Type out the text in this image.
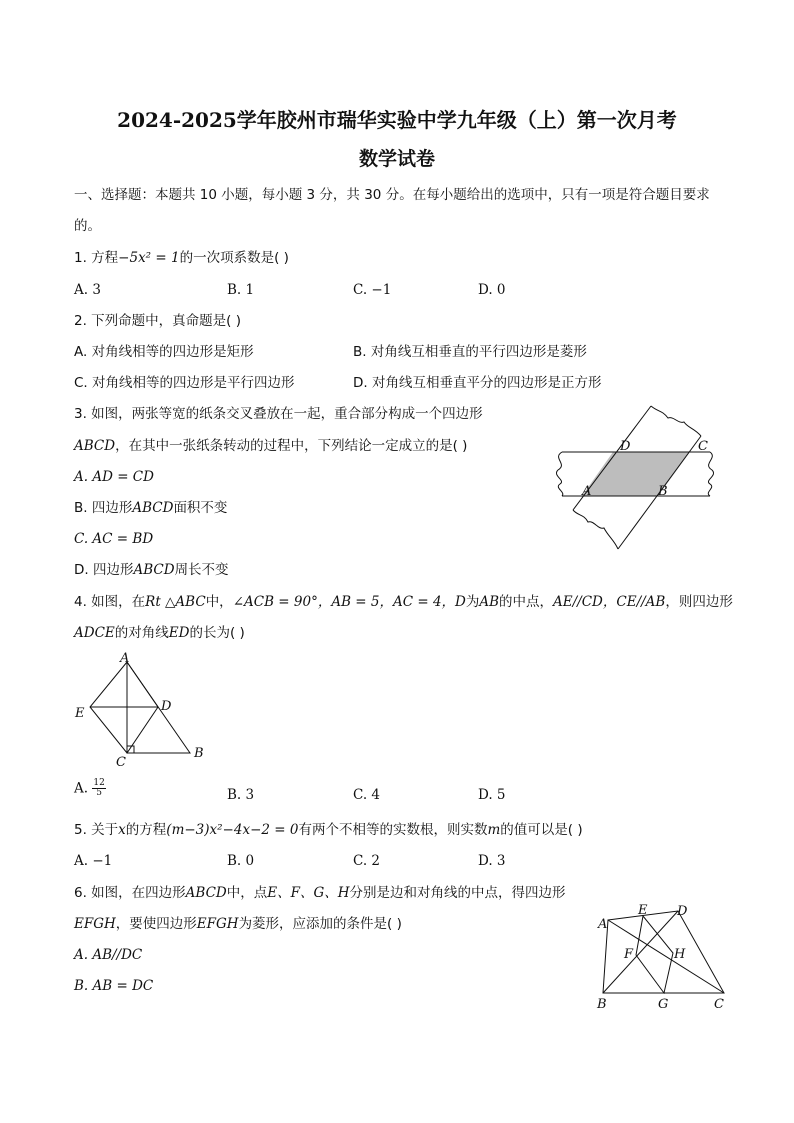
2024-2025学年胶州市瑞华实验中学九年级（上）第一次月考
数学试卷
一、选择题：本题共 10 小题，每小题 3 分，共 30 分。在每小题给出的选项中，只有一项是符合题目要求
的。
1. 方程−5x² = 1的一次项系数是( )
A. 3	B. 1	C. −1	D. 0
2. 下列命题中，真命题是( )
A. 对角线相等的四边形是矩形	B. 对角线互相垂直的平行四边形是菱形
C. 对角线相等的四边形是平行四边形	D. 对角线互相垂直平分的四边形是正方形
3. 如图，两张等宽的纸条交叉叠放在一起，重合部分构成一个四边形
ABCD，在其中一张纸条转动的过程中，下列结论一定成立的是( )
A. AD = CD
B. 四边形ABCD面积不变
C. AC = BD
D. 四边形ABCD周长不变
D	C
A	B
4. 如图，在Rt △ABC中，∠ACB = 90°，AB = 5，AC = 4，D为AB的中点，AE//CD，CE//AB，则四边形
ADCE的对角线ED的长为( )
A
B
C
D
E
A. $\frac{12}{5}$	B. 3	C. 4	D. 5
5. 关于x的方程(m−3)x²−4x−2 = 0有两个不相等的实数根，则实数m的值可以是( )
A. −1	B. 0	C. 2	D. 3
6. 如图，在四边形ABCD中，点E、F、G、H分别是边和对角线的中点，得四边形
EFGH，要使四边形EFGH为菱形，应添加的条件是( )
A. AB//DC
B. AB = DC
A
B	C
D
E
F
G
H
